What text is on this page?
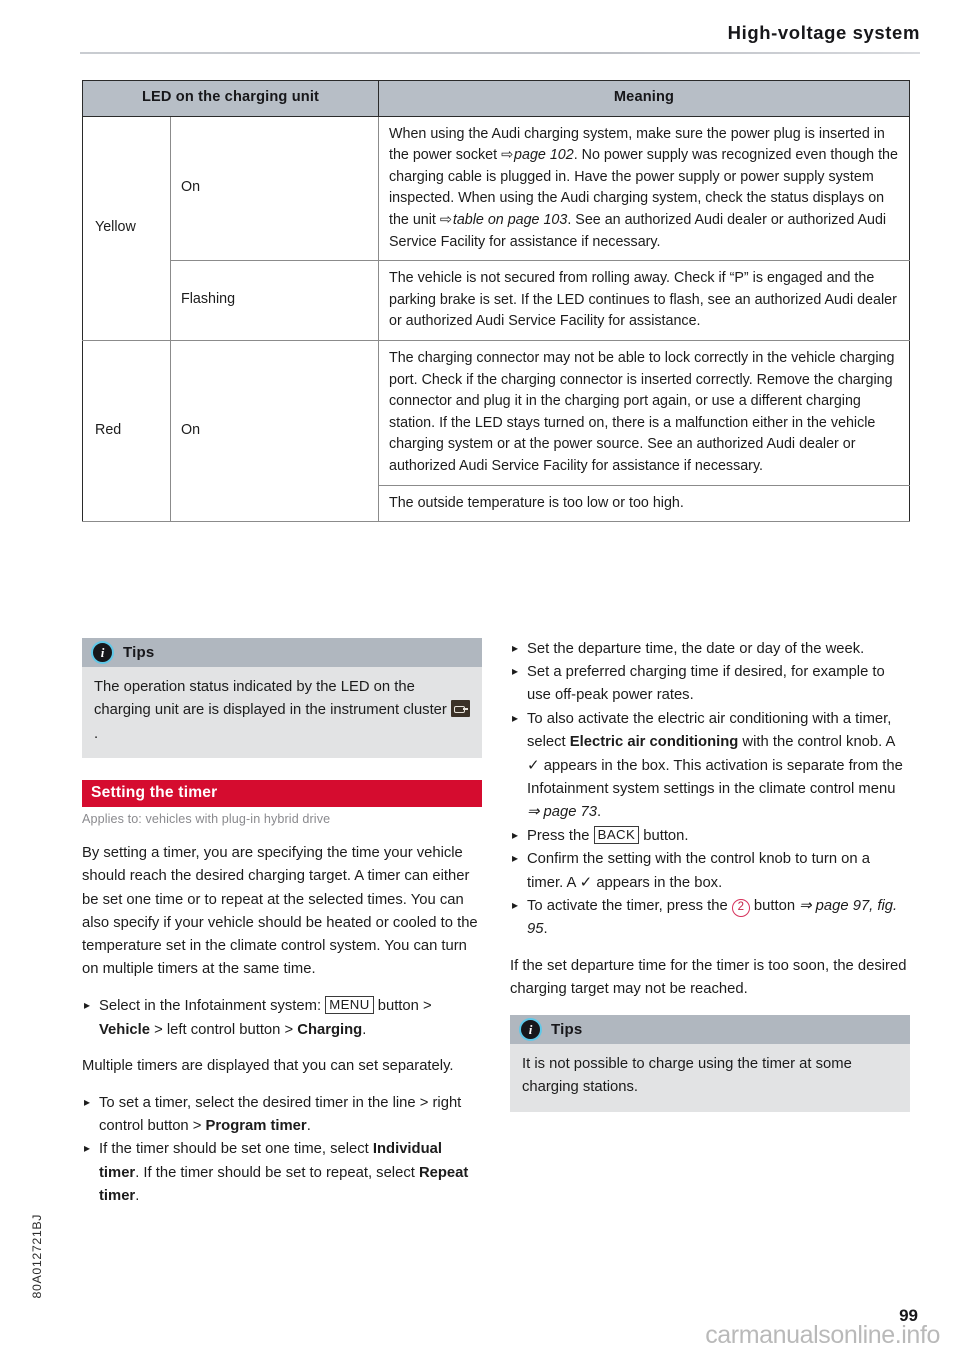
High-voltage system
LED on the charging unit		Meaning
Yellow	On	When using the Audi charging system, make sure the power plug is inserted in the power socket ⇨page 102. No power supply was recognized even though the charging cable is plugged in. Have the power supply or power supply system inspected. When using the Audi charging system, check the status displays on the unit ⇨table on page 103. See an authorized Audi dealer or authorized Audi Service Facility for assistance if necessary.
	Flashing	The vehicle is not secured from rolling away. Check if “P” is engaged and the parking brake is set. If the LED continues to flash, see an authorized Audi dealer or authorized Audi Service Facility for assistance.
Red	On	The charging connector may not be able to lock correctly in the vehicle charging port. Check if the charging connector is inserted correctly. Remove the charging connector and plug it in the charging port again, or use a different charging station. If the LED stays turned on, there is a malfunction either in the vehicle charging system or at the power source. See an authorized Audi dealer or authorized Audi Service Facility for assistance if necessary.
		The outside temperature is too low or too high.
i	Tips
The operation status indicated by the LED on the charging unit are is displayed in the instrument cluster .
Setting the timer
Applies to: vehicles with plug-in hybrid drive

By setting a timer, you are specifying the time your vehicle should reach the desired charging target. A timer can either be set one time or to repeat at the selected times. You can also specify if your vehicle should be heated or cooled to the temperature set in the climate control system. You can turn on multiple timers at the same time.

▸ Select in the Infotainment system: MENU button > Vehicle > left control button > Charging.

Multiple timers are displayed that you can set separately.

▸ To set a timer, select the desired timer in the line > right control button > Program timer.
▸ If the timer should be set one time, select Individual timer. If the timer should be set to repeat, select Repeat timer.
▸ Set the departure time, the date or day of the week.
▸ Set a preferred charging time if desired, for example to use off-peak power rates.
▸ To also activate the electric air conditioning with a timer, select Electric air conditioning with the control knob. A ✓ appears in the box. This activation is separate from the Infotainment system settings in the climate control menu ⇒ page 73.
▸ Press the BACK button.
▸ Confirm the setting with the control knob to turn on a timer. A ✓ appears in the box.
▸ To activate the timer, press the 2 button ⇒ page 97, fig. 95.

If the set departure time for the timer is too soon, the desired charging target may not be reached.

i	Tips
It is not possible to charge using the timer at some charging stations.
80A012721BJ
99
carmanualsonline.info
